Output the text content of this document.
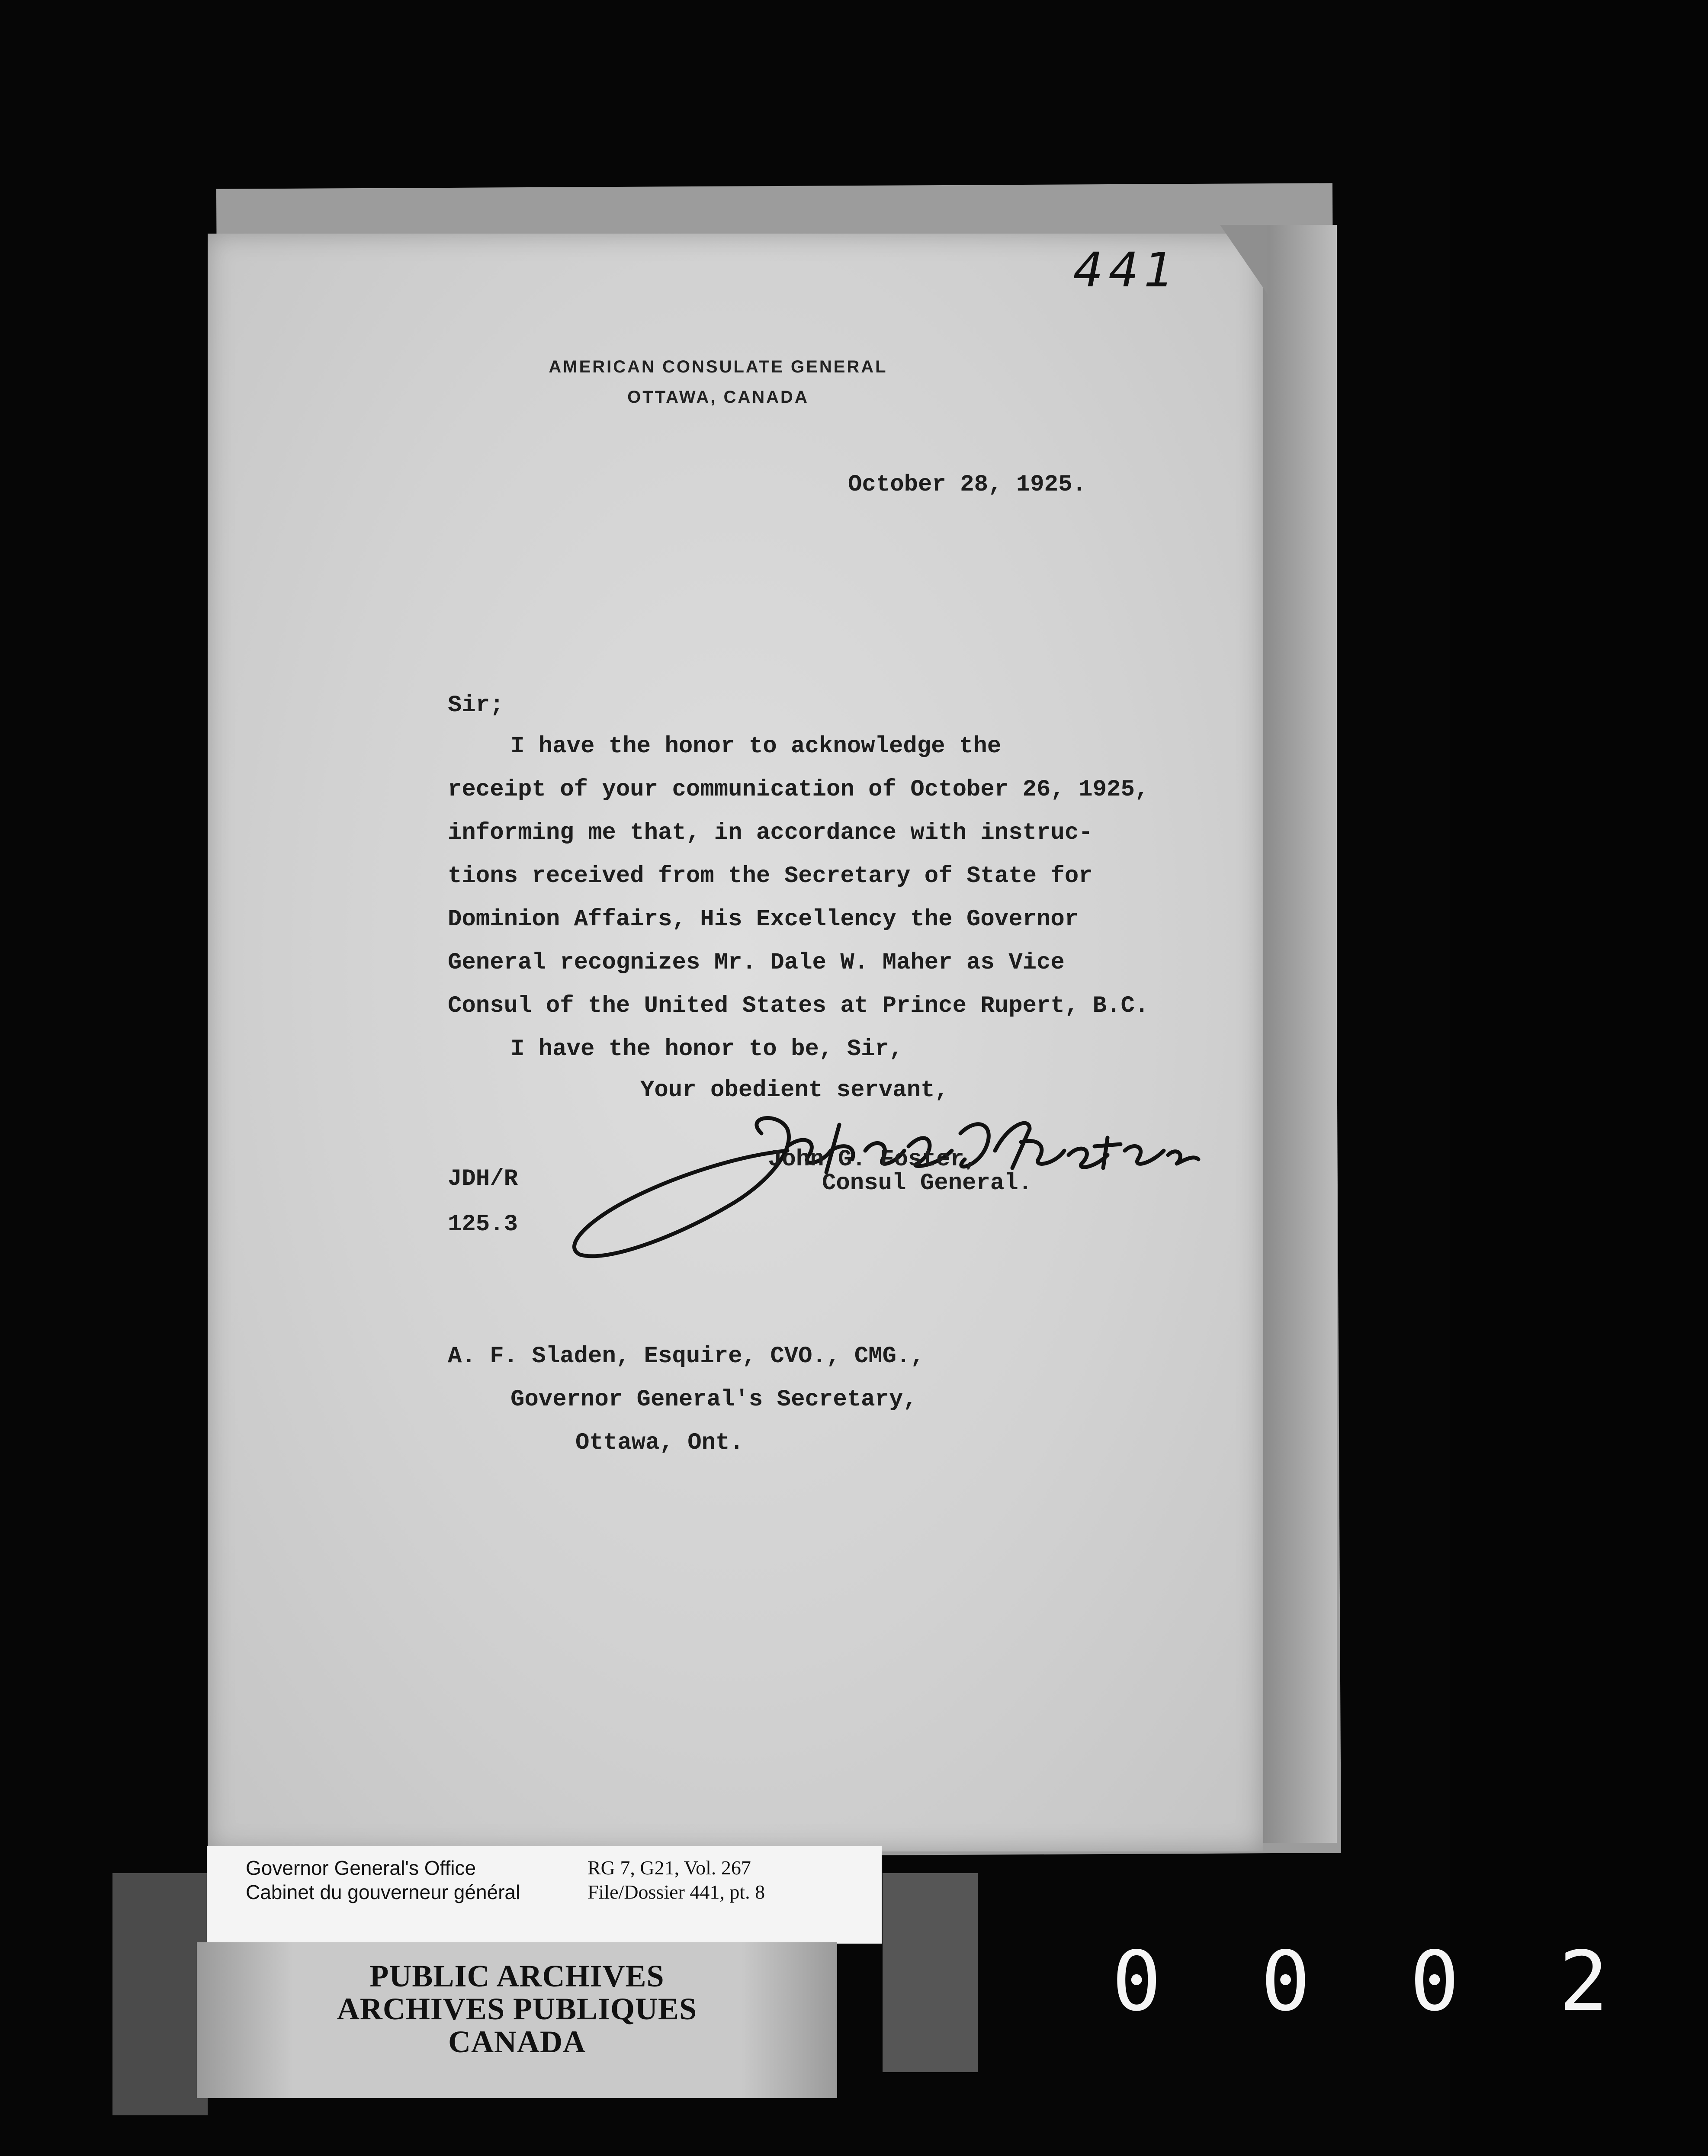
441
AMERICAN CONSULATE GENERAL
OTTAWA, CANADA
October 28, 1925.
Sir;
I have the honor to acknowledge the
receipt of your communication of October 26, 1925,
informing me that, in accordance with instruc-
tions received from the Secretary of State for
Dominion Affairs, His Excellency the Governor
General recognizes Mr. Dale W. Maher as Vice
Consul of the United States at Prince Rupert, B.C.
I have the honor to be, Sir,
Your obedient servant,
John G. Foster,
Consul General.
JDH/R
125.3
A. F. Sladen, Esquire, CVO., CMG.,
Governor General's Secretary,
Ottawa, Ont.
Governor General's Office
Cabinet du gouverneur général
RG 7, G21, Vol. 267
File/Dossier 441, pt. 8
PUBLIC ARCHIVES
ARCHIVES PUBLIQUES
CANADA
0002
